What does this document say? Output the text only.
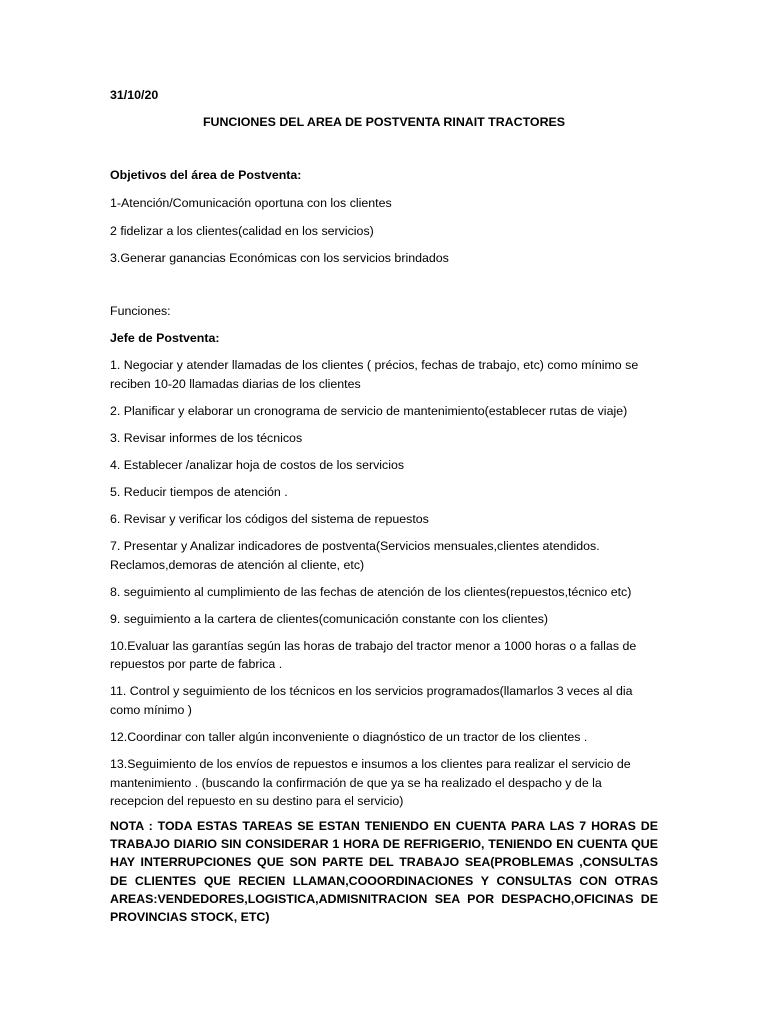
31/10/20
FUNCIONES DEL AREA DE POSTVENTA RINAIT TRACTORES
Objetivos del área de Postventa:
1-Atención/Comunicación oportuna con los clientes
2 fidelizar a los clientes(calidad en los servicios)
3.Generar ganancias Económicas con los servicios brindados
Funciones:
Jefe de Postventa:
1. Negociar y atender llamadas de los clientes ( précios, fechas de trabajo, etc) como mínimo se reciben 10-20 llamadas diarias de los clientes
2. Planificar y elaborar un cronograma de servicio de mantenimiento(establecer rutas de viaje)
3. Revisar informes de los técnicos
4. Establecer /analizar hoja de costos de los servicios
5. Reducir tiempos de atención .
6. Revisar y verificar los códigos del sistema de repuestos
7. Presentar y Analizar indicadores de postventa(Servicios mensuales,clientes atendidos. Reclamos,demoras de atención al cliente, etc)
8. seguimiento al cumplimiento de las fechas de atención de los clientes(repuestos,técnico etc)
9. seguimiento a la cartera de clientes(comunicación constante con los clientes)
10.Evaluar las garantías según las horas de trabajo del tractor menor a 1000 horas o a fallas de repuestos por parte de fabrica .
11. Control y seguimiento de los técnicos en los servicios programados(llamarlos 3 veces al dia como mínimo )
12.Coordinar con taller algún inconveniente o diagnóstico de un tractor de los clientes .
13.Seguimiento de los envíos de repuestos e insumos a los clientes para realizar el servicio de mantenimiento . (buscando la confirmación de que ya se ha realizado el despacho y de la recepcion del repuesto en su destino para el servicio)
NOTA : TODA ESTAS TAREAS SE ESTAN TENIENDO EN CUENTA PARA LAS 7 HORAS DE TRABAJO DIARIO SIN CONSIDERAR 1 HORA DE REFRIGERIO, TENIENDO EN CUENTA QUE HAY INTERRUPCIONES QUE SON PARTE DEL TRABAJO SEA(PROBLEMAS ,CONSULTAS DE CLIENTES QUE RECIEN LLAMAN,COOORDINACIONES Y CONSULTAS CON OTRAS AREAS:VENDEDORES,LOGISTICA,ADMISNITRACION SEA POR DESPACHO,OFICINAS DE PROVINCIAS STOCK, ETC)
